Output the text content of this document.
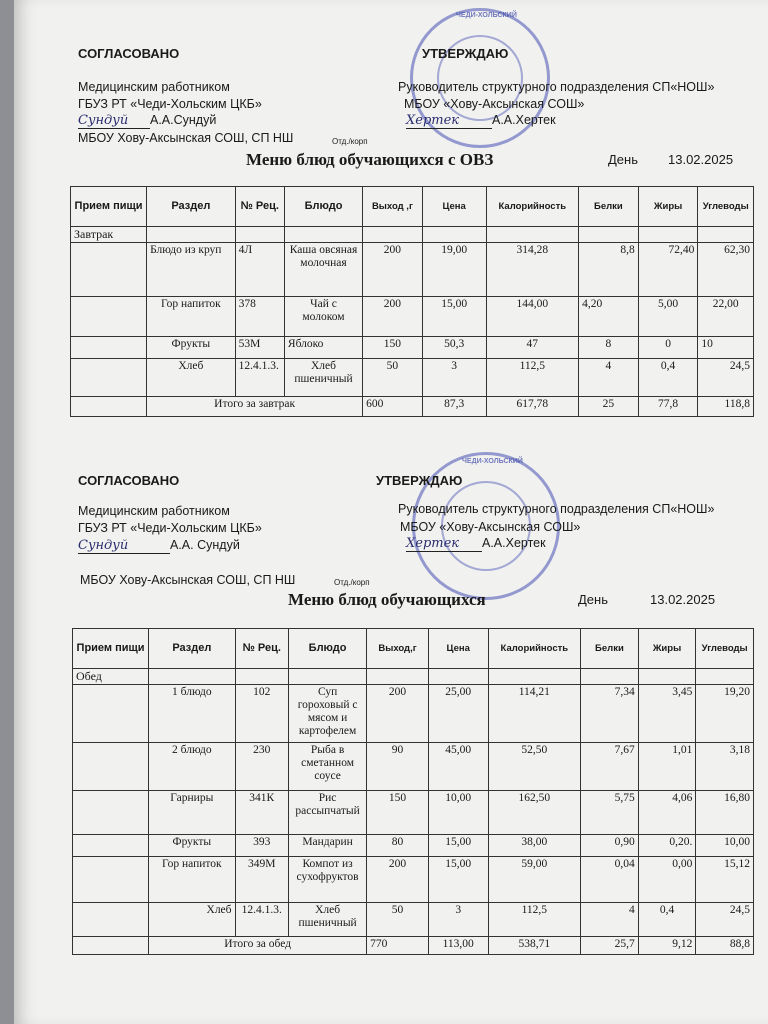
ЧЕДИ-ХОЛЬСКИЙ
СОГЛАСОВАНО
Медицинским работником
ГБУЗ РТ «Чеди-Хольским ЦКБ»
Сундуй А.А.Сундуй
МБОУ Хову-Аксынская СОШ, СП НШ	Отд./корп
УТВЕРЖДАЮ
Руководитель структурного подразделения СП«НОШ»
МБОУ «Хову-Аксынская СОШ»
Хертек	А.А.Хертек
Меню блюд обучающихся с ОВЗ	День 13.02.2025
Прием пищи	Раздел	№ Рец.	Блюдо	Выход ,г	Цена	Калорийность	Белки	Жиры	Углеводы
Завтрак									
	Блюдо из круп	4Л	Каша овсяная молочная	200	19,00	314,28	8,8	72,40	62,30
	Гор напиток	378	Чай с молоком	200	15,00	144,00	4,20	5,00	22,00
	Фрукты	53М	Яблоко	150	50,3	47	8	0	10
	Хлеб	12.4.1.3.	Хлеб пшеничный	50	3	112,5	4	0,4	24,5
	Итого за завтрак			600	87,3	617,78	25	77,8	118,8
ЧЕДИ-ХОЛЬСКИЙ
СОГЛАСОВАНО
Медицинским работником
ГБУЗ РТ «Чеди-Хольским ЦКБ»
Сундуй	А.А. Сундуй
МБОУ Хову-Аксынская СОШ, СП НШ	Отд./корп
УТВЕРЖДАЮ
Руководитель структурного подразделения СП«НОШ»
МБОУ «Хову-Аксынская СОШ»
Хертек А.А.Хертек
Меню блюд обучающихся	День	13.02.2025
Прием пищи	Раздел	№ Рец.	Блюдо	Выход,г	Цена	Калорийность	Белки	Жиры	Углеводы
Обед									
	1 блюдо	102	Суп гороховый с мясом и картофелем	200	25,00	114,21	7,34	3,45	19,20
	2 блюдо	230	Рыба в сметанном соусе	90	45,00	52,50	7,67	1,01	3,18
	Гарниры	341К	Рис рассыпчатый	150	10,00	162,50	5,75	4,06	16,80
	Фрукты	393	Мандарин	80	15,00	38,00	0,90	0,20.	10,00
	Гор напиток	349М	Компот из сухофруктов	200	15,00	59,00	0,04	0,00	15,12
	Хлеб	12.4.1.3.	Хлеб пшеничный	50	3	112,5	4	0,4	24,5
	Итого за обед			770	113,00	538,71	25,7	9,12	88,8
